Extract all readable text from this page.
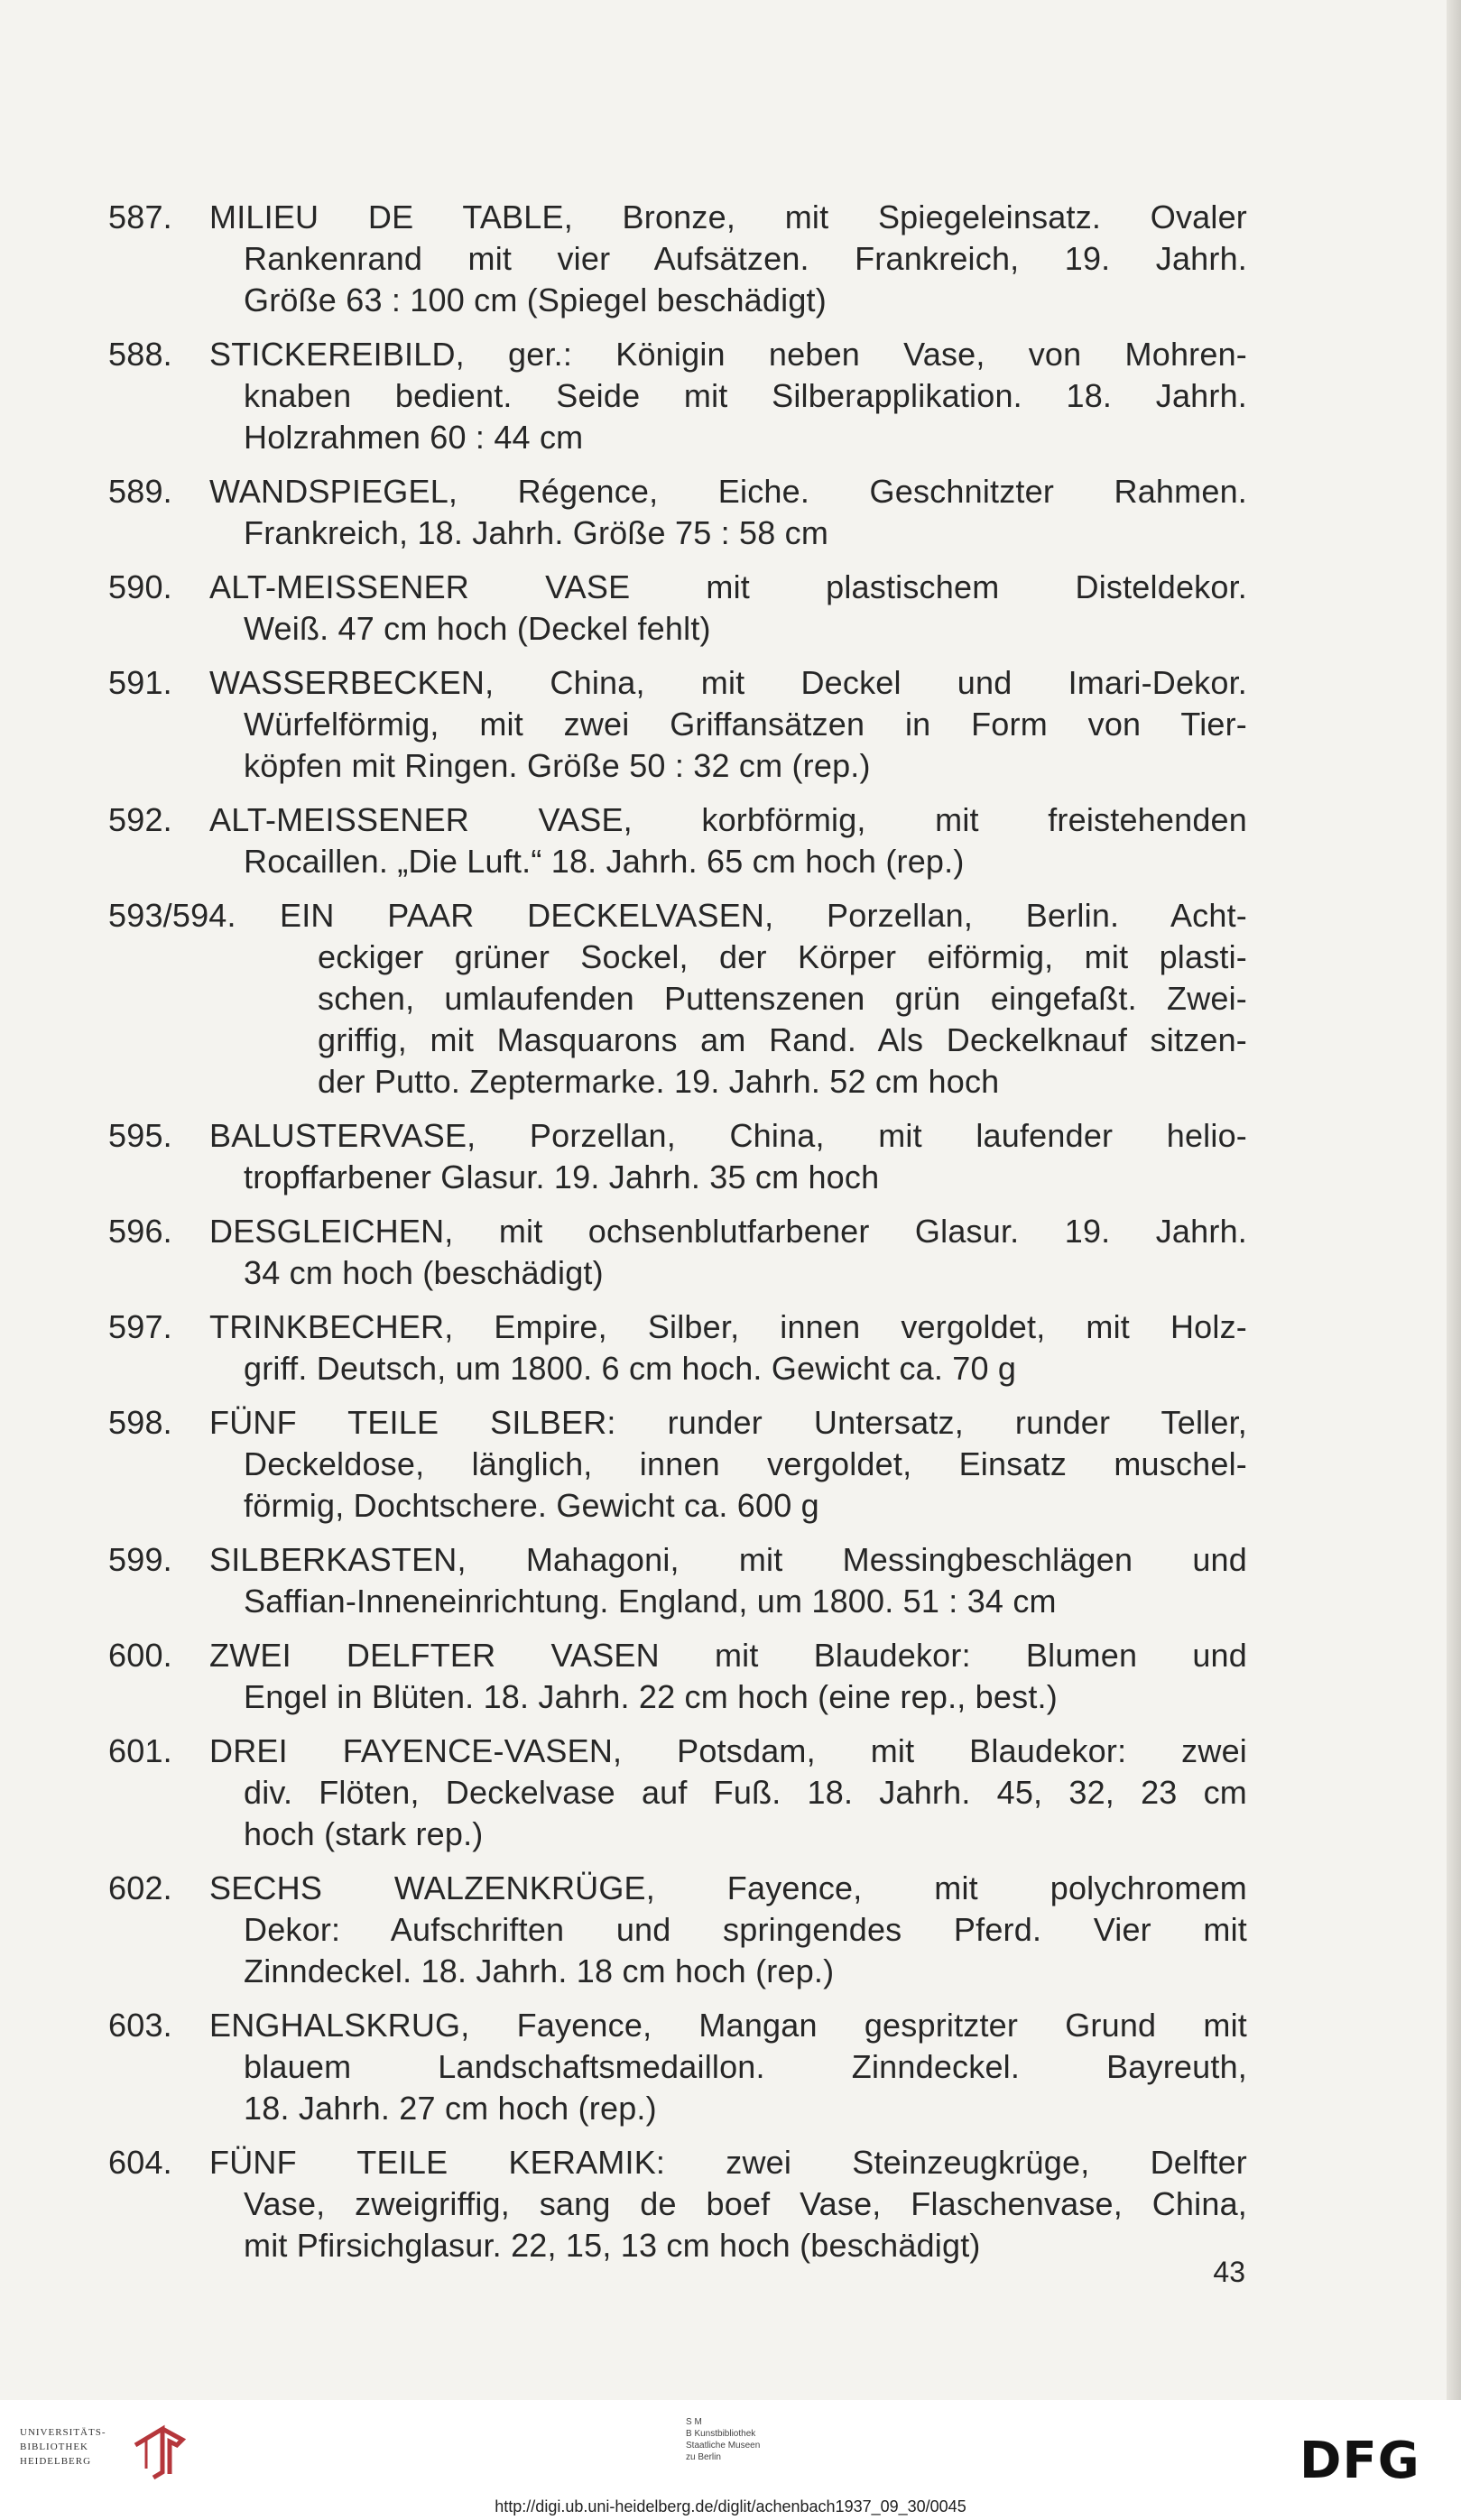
587. MILIEU DE TABLE, Bronze, mit Spiegeleinsatz. Ovaler
Rankenrand mit vier Aufsätzen. Frankreich, 19. Jahrh.
Größe 63 : 100 cm (Spiegel beschädigt)
588. STICKEREIBILD, ger.: Königin neben Vase, von Mohren-
knaben bedient. Seide mit Silberapplikation. 18. Jahrh.
Holzrahmen 60 : 44 cm
589. WANDSPIEGEL, Régence, Eiche. Geschnitzter Rahmen.
Frankreich, 18. Jahrh. Größe 75 : 58 cm
590. ALT-MEISSENER VASE mit plastischem Disteldekor.
Weiß. 47 cm hoch (Deckel fehlt)
591. WASSERBECKEN, China, mit Deckel und Imari-Dekor.
Würfelförmig, mit zwei Griffansätzen in Form von Tier-
köpfen mit Ringen. Größe 50 : 32 cm (rep.)
592. ALT-MEISSENER VASE, korbförmig, mit freistehenden
Rocaillen. „Die Luft.“ 18. Jahrh. 65 cm hoch (rep.)
593/594. EIN PAAR DECKELVASEN, Porzellan, Berlin. Acht-
eckiger grüner Sockel, der Körper eiförmig, mit plasti-
schen, umlaufenden Puttenszenen grün eingefaßt. Zwei-
griffig, mit Masquarons am Rand. Als Deckelknauf sitzen-
der Putto. Zeptermarke. 19. Jahrh. 52 cm hoch
595. BALUSTERVASE, Porzellan, China, mit laufender helio-
tropffarbener Glasur. 19. Jahrh. 35 cm hoch
596. DESGLEICHEN, mit ochsenblutfarbener Glasur. 19. Jahrh.
34 cm hoch (beschädigt)
597. TRINKBECHER, Empire, Silber, innen vergoldet, mit Holz-
griff. Deutsch, um 1800. 6 cm hoch. Gewicht ca. 70 g
598. FÜNF TEILE SILBER: runder Untersatz, runder Teller,
Deckeldose, länglich, innen vergoldet, Einsatz muschel-
förmig, Dochtschere. Gewicht ca. 600 g
599. SILBERKASTEN, Mahagoni, mit Messingbeschlägen und
Saffian-Inneneinrichtung. England, um 1800. 51 : 34 cm
600. ZWEI DELFTER VASEN mit Blaudekor: Blumen und
Engel in Blüten. 18. Jahrh. 22 cm hoch (eine rep., best.)
601. DREI FAYENCE-VASEN, Potsdam, mit Blaudekor: zwei
div. Flöten, Deckelvase auf Fuß. 18. Jahrh. 45, 32, 23 cm
hoch (stark rep.)
602. SECHS WALZENKRÜGE, Fayence, mit polychromem
Dekor: Aufschriften und springendes Pferd. Vier mit
Zinndeckel. 18. Jahrh. 18 cm hoch (rep.)
603. ENGHALSKRUG, Fayence, Mangan gespritzter Grund mit
blauem Landschaftsmedaillon. Zinndeckel. Bayreuth,
18. Jahrh. 27 cm hoch (rep.)
604. FÜNF TEILE KERAMIK: zwei Steinzeugkrüge, Delfter
Vase, zweigriffig, sang de boef Vase, Flaschenvase, China,
mit Pfirsichglasur. 22, 15, 13 cm hoch (beschädigt)
43
UNIVERSITÄTS-
BIBLIOTHEK
HEIDELBERG
S M
B Kunstbibliothek
Staatliche Museen
zu Berlin	DFG
http://digi.ub.uni-heidelberg.de/diglit/achenbach1937_09_30/0045
